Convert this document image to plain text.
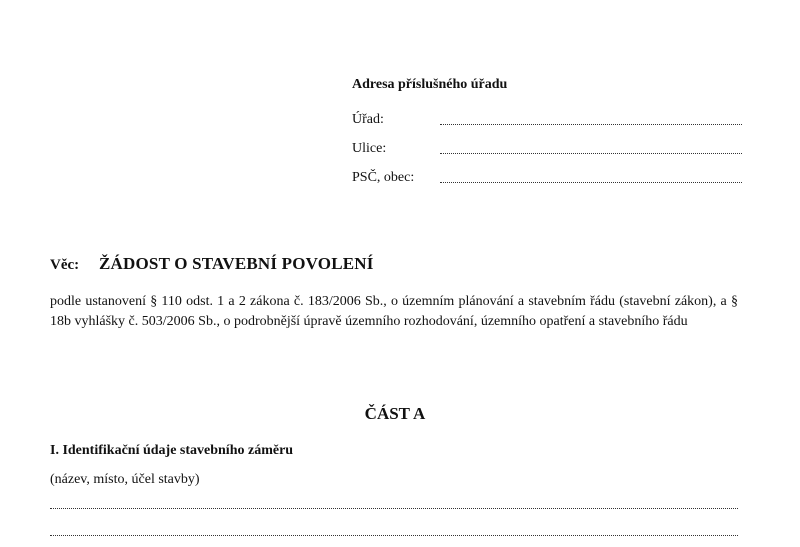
Adresa příslušného úřadu
Úřad:
Ulice:
PSČ, obec:
Věc: ŽÁDOST O STAVEBNÍ POVOLENÍ
podle ustanovení § 110 odst. 1 a 2 zákona č. 183/2006 Sb., o územním plánování a stavebním řádu (stavební zákon), a § 18b vyhlášky č. 503/2006 Sb., o podrobnější úpravě územního rozhodování, územního opatření a stavebního řádu
ČÁST A
I. Identifikační údaje stavebního záměru
(název, místo, účel stavby)
